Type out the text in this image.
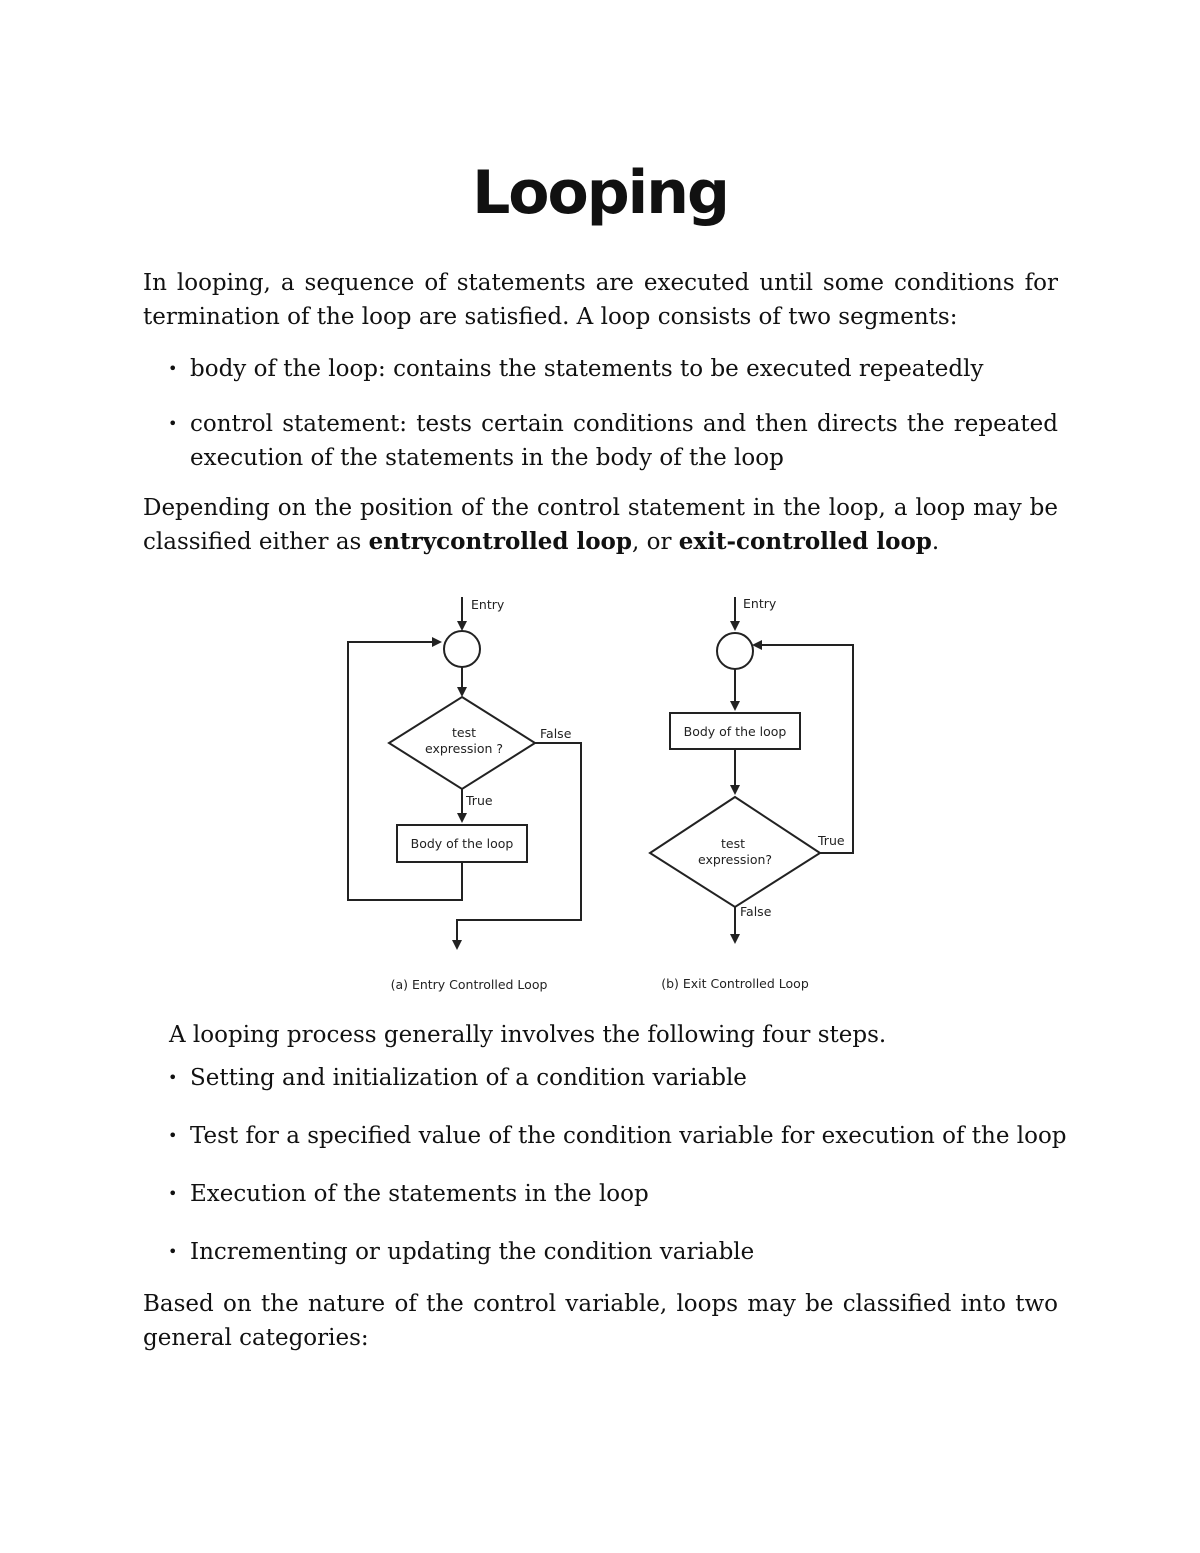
Looping

In looping, a sequence of statements are executed until some conditions for termination of the loop are satisfied. A loop consists of two segments:

• body of the loop: contains the statements to be executed repeatedly

• control statement: tests certain conditions and then directs the repeated execution of the statements in the body of the loop

Depending on the position of the control statement in the loop, a loop may be classified either as entrycontrolled loop, or exit-controlled loop.

Entry
test
expression ?
False
True
Body of the loop
(a) Entry Controlled Loop
Entry
Body of the loop
test
expression?
True
False
(b) Exit Controlled Loop

A looping process generally involves the following four steps.

• Setting and initialization of a condition variable

• Test for a specified value of the condition variable for execution of the loop

• Execution of the statements in the loop

• Incrementing or updating the condition variable

Based on the nature of the control variable, loops may be classified into two general categories:
